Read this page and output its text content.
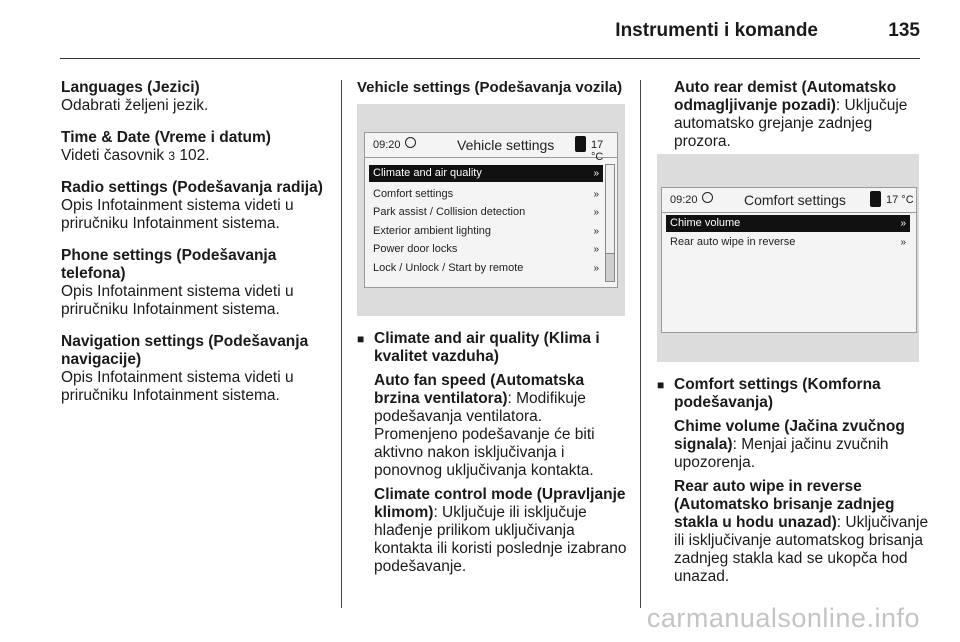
Instrumenti i komande	135
Languages (Jezici)
Odabrati željeni jezik.
Time & Date (Vreme i datum)
Videti časovnik 3 102.
Radio settings (Podešavanja radija)
Opis Infotainment sistema videti u priručniku Infotainment sistema.
Phone settings (Podešavanja telefona)
Opis Infotainment sistema videti u priručniku Infotainment sistema.
Navigation settings (Podešavanja navigacije)
Opis Infotainment sistema videti u priručniku Infotainment sistema.
Vehicle settings (Podešavanja vozila)
09:20	Vehicle settings	17 °C
Climate and air quality	»
Comfort settings	»
Park assist / Collision detection	»
Exterior ambient lighting	»
Power door locks	»
Lock / Unlock / Start by remote	»
■ Climate and air quality (Klima i kvalitet vazduha)
Auto fan speed (Automatska brzina ventilatora): Modifikuje podešavanja ventilatora. Promenjeno podešavanje će biti aktivno nakon isključivanja i ponovnog uključivanja kontakta.
Climate control mode (Upravljanje klimom): Uključuje ili isključuje hlađenje prilikom uključivanja kontakta ili koristi poslednje izabrano podešavanje.
Auto rear demist (Automatsko odmagljivanje pozadi): Uključuje automatsko grejanje zadnjeg prozora.
09:20	Comfort settings	17 °C
Chime volume	»
Rear auto wipe in reverse	»
■ Comfort settings (Komforna podešavanja)
Chime volume (Jačina zvučnog signala): Menjai jačinu zvučnih upozorenja.
Rear auto wipe in reverse (Automatsko brisanje zadnjeg stakla u hodu unazad): Uključivanje ili isključivanje automatskog brisanja zadnjeg stakla kad se ukopča hod unazad.
carmanualsonline.info
